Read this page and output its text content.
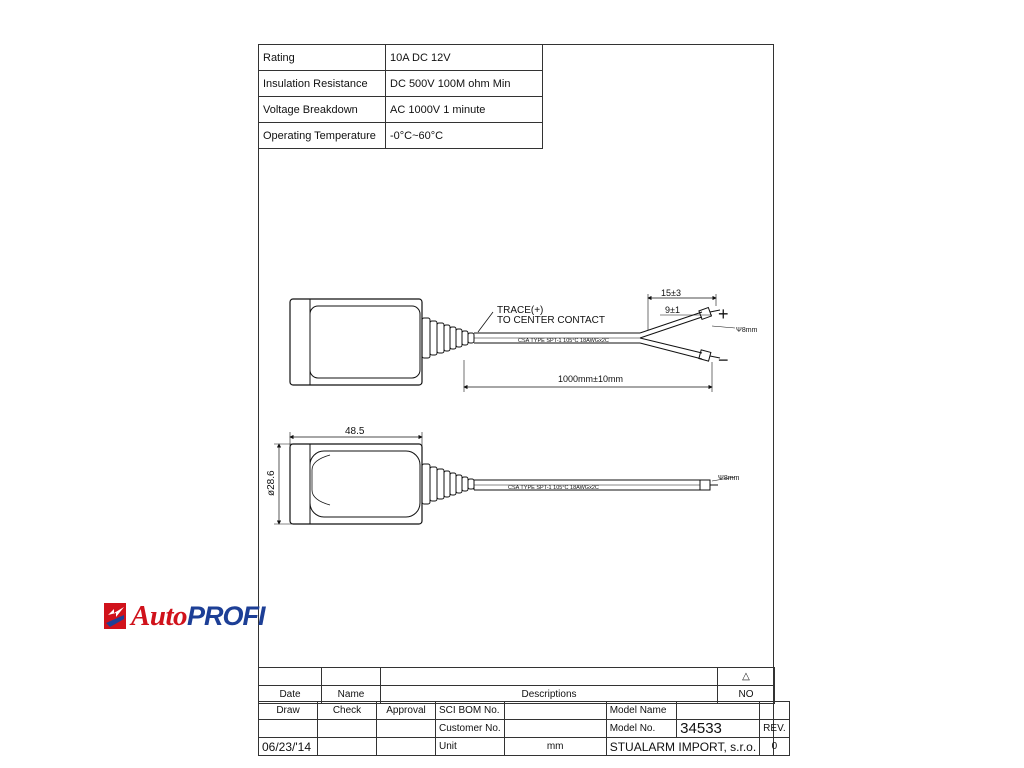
Rating	10A DC 12V
Insulation Resistance	DC 500V 100M ohm Min
Voltage Breakdown	AC 1000V 1 minute
Operating Temperature	-0°C~60°C
CSA TYPE SPT-1 105°C 18AWGx2C
TRACE(+)
TO CENTER CONTACT
15±3
9±1 +
−
Ψ8mm
1000mm±10mm
CSA TYPE SPT-1 105°C 18AWGx2C
Ψ8mm
48.5
ø28.6
Auto PROFI
			△
Date	Name	Descriptions	NO
Draw	Check	Approval	SCI BOM No.		Model Name		
			Customer No.		Model No.	34533	REV.
06/23/'14			Unit	mm	STUALARM IMPORT, s.r.o.		0
